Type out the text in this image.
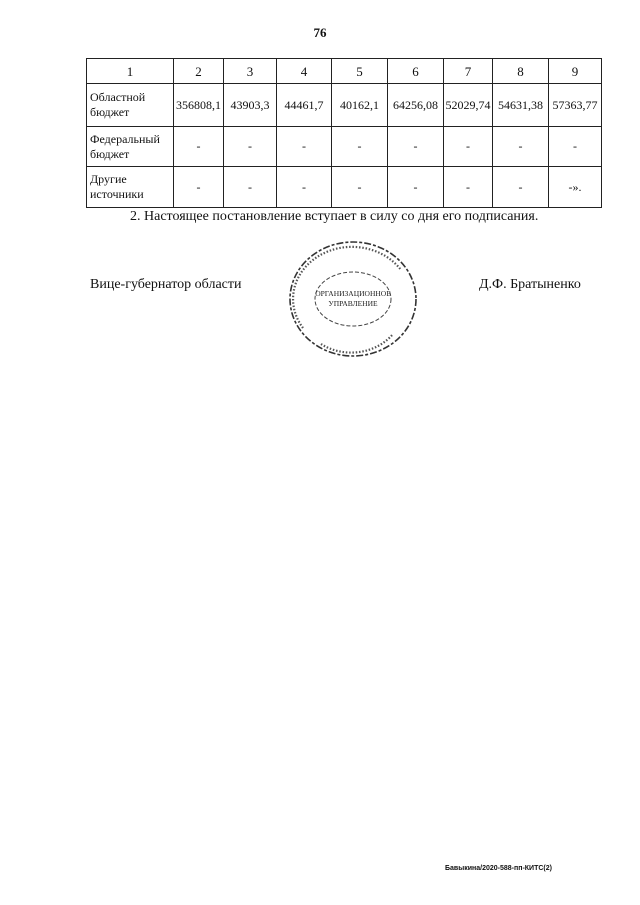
76
1	2	3	4	5	6	7	8	9
Областной бюджет	356808,1	43903,3	44461,7	40162,1	64256,08	52029,74	54631,38	57363,77
Федеральный бюджет	-	-	-	-	-	-	-	-
Другие источники	-	-	-	-	-	-	-	-».
2. Настоящее постановление вступает в силу со дня его подписания.
Вице-губернатор области
ОРГАНИЗАЦИОННОЕ
УПРАВЛЕНИЕ
Д.Ф. Братыненко
Бавыкина/2020-588-пп-КИТС(2)
